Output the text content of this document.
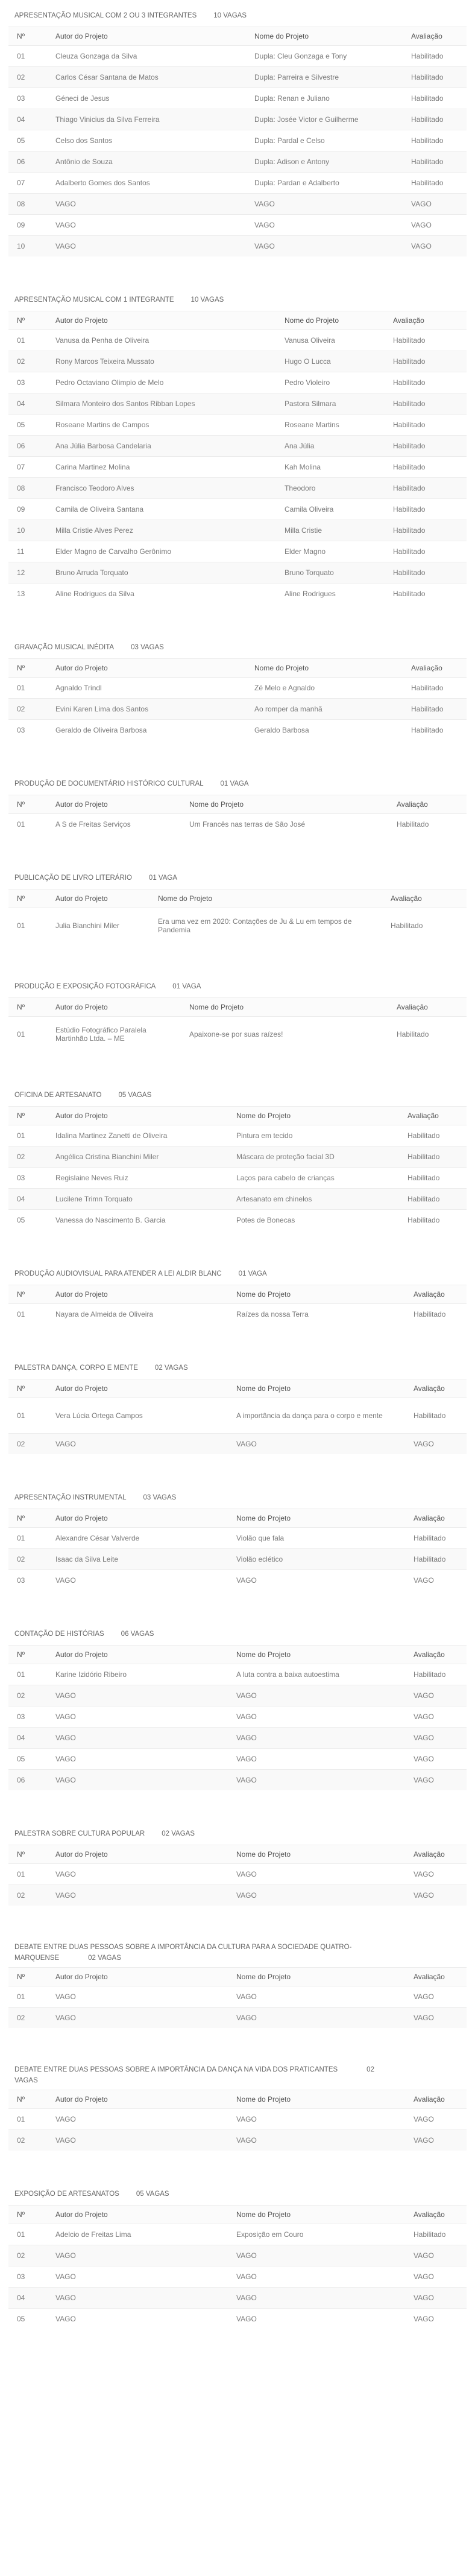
APRESENTAÇÃO MUSICAL COM 2 OU 3 INTEGRANTES	10 VAGAS
Nº	Autor do Projeto	Nome do Projeto	Avaliação
01	Cleuza Gonzaga da Silva	Dupla: Cleu Gonzaga e Tony	Habilitado
02	Carlos César Santana de Matos	Dupla: Parreira e Silvestre	Habilitado
03	Géneci de Jesus	Dupla: Renan e Juliano	Habilitado
04	Thiago Vinicius da Silva Ferreira	Dupla: Josée Victor e Guilherme	Habilitado
05	Celso dos Santos	Dupla: Pardal e Celso	Habilitado
06	Antônio de Souza	Dupla: Adison e Antony	Habilitado
07	Adalberto Gomes dos Santos	Dupla: Pardan e Adalberto	Habilitado
08	VAGO	VAGO	VAGO
09	VAGO	VAGO	VAGO
10	VAGO	VAGO	VAGO
APRESENTAÇÃO MUSICAL COM 1 INTEGRANTE	10 VAGAS
Nº	Autor do Projeto	Nome do Projeto	Avaliação
01	Vanusa da Penha de Oliveira	Vanusa Oliveira	Habilitado
02	Rony Marcos Teixeira Mussato	Hugo O Lucca	Habilitado
03	Pedro Octaviano Olimpio de Melo	Pedro Violeiro	Habilitado
04	Silmara Monteiro dos Santos Ribban Lopes	Pastora Silmara	Habilitado
05	Roseane Martins de Campos	Roseane Martins	Habilitado
06	Ana Júlia Barbosa Candelaria	Ana Júlia	Habilitado
07	Carina Martinez Molina	Kah Molina	Habilitado
08	Francisco Teodoro Alves	Theodoro	Habilitado
09	Camila de Oliveira Santana	Camila Oliveira	Habilitado
10	Milla Cristie Alves Perez	Milla Cristie	Habilitado
11	Elder Magno de Carvalho Gerônimo	Elder Magno	Habilitado
12	Bruno Arruda Torquato	Bruno Torquato	Habilitado
13	Aline Rodrigues da Silva	Aline Rodrigues	Habilitado
GRAVAÇÃO MUSICAL INÉDITA	03 VAGAS
Nº	Autor do Projeto	Nome do Projeto	Avaliação
01	Agnaldo Trindl	Zé Melo e Agnaldo	Habilitado
02	Evini Karen Lima dos Santos	Ao romper da manhã	Habilitado
03	Geraldo de Oliveira Barbosa	Geraldo Barbosa	Habilitado
PRODUÇÃO DE DOCUMENTÁRIO HISTÓRICO CULTURAL	01 VAGA
Nº	Autor do Projeto	Nome do Projeto	Avaliação
01	A S de Freitas Serviços	Um Francês nas terras de São José	Habilitado
PUBLICAÇÃO DE LIVRO LITERÁRIO	01 VAGA
Nº	Autor do Projeto	Nome do Projeto	Avaliação
01	Julia Bianchini Miler	Era uma vez em 2020: Contações de Ju & Lu em tempos de Pandemia	Habilitado
PRODUÇÃO E EXPOSIÇÃO FOTOGRÁFICA	01 VAGA
Nº	Autor do Projeto	Nome do Projeto	Avaliação
01	Estúdio Fotográfico Paralela Martinhão Ltda. – ME	Apaixone-se por suas raízes!	Habilitado
OFICINA DE ARTESANATO	05 VAGAS
Nº	Autor do Projeto	Nome do Projeto	Avaliação
01	Idalina Martinez Zanetti de Oliveira	Pintura em tecido	Habilitado
02	Angélica Cristina Bianchini Miler	Máscara de proteção facial 3D	Habilitado
03	Regislaine Neves Ruiz	Laços para cabelo de crianças	Habilitado
04	Lucilene Trimn Torquato	Artesanato em chinelos	Habilitado
05	Vanessa do Nascimento B. Garcia	Potes de Bonecas	Habilitado
PRODUÇÃO AUDIOVISUAL PARA ATENDER A LEI ALDIR BLANC	01 VAGA
Nº	Autor do Projeto	Nome do Projeto	Avaliação
01	Nayara de Almeida de Oliveira	Raízes da nossa Terra	Habilitado
PALESTRA DANÇA, CORPO E MENTE	02 VAGAS
Nº	Autor do Projeto	Nome do Projeto	Avaliação
01	Vera Lúcia Ortega Campos	A importância da dança para o corpo e mente	Habilitado
02	VAGO	VAGO	VAGO
APRESENTAÇÃO INSTRUMENTAL	03 VAGAS
Nº	Autor do Projeto	Nome do Projeto	Avaliação
01	Alexandre César Valverde	Violão que fala	Habilitado
02	Isaac da Silva Leite	Violão eclético	Habilitado
03	VAGO	VAGO	VAGO
CONTAÇÃO DE HISTÓRIAS	06 VAGAS
Nº	Autor do Projeto	Nome do Projeto	Avaliação
01	Karine Izidório Ribeiro	A luta contra a baixa autoestima	Habilitado
02	VAGO	VAGO	VAGO
03	VAGO	VAGO	VAGO
04	VAGO	VAGO	VAGO
05	VAGO	VAGO	VAGO
06	VAGO	VAGO	VAGO
PALESTRA SOBRE CULTURA POPULAR	02 VAGAS
Nº	Autor do Projeto	Nome do Projeto	Avaliação
01	VAGO	VAGO	VAGO
02	VAGO	VAGO	VAGO
DEBATE ENTRE DUAS PESSOAS SOBRE A IMPORTÂNCIA DA CULTURA PARA A SOCIEDADE QUATRO-MARQUENSE	02 VAGAS
Nº	Autor do Projeto	Nome do Projeto	Avaliação
01	VAGO	VAGO	VAGO
02	VAGO	VAGO	VAGO
DEBATE ENTRE DUAS PESSOAS SOBRE A IMPORTÂNCIA DA DANÇA NA VIDA DOS PRATICANTES	02 VAGAS
Nº	Autor do Projeto	Nome do Projeto	Avaliação
01	VAGO	VAGO	VAGO
02	VAGO	VAGO	VAGO
EXPOSIÇÃO DE ARTESANATOS	05 VAGAS
Nº	Autor do Projeto	Nome do Projeto	Avaliação
01	Adelcio de Freitas Lima	Exposição em Couro	Habilitado
02	VAGO	VAGO	VAGO
03	VAGO	VAGO	VAGO
04	VAGO	VAGO	VAGO
05	VAGO	VAGO	VAGO
